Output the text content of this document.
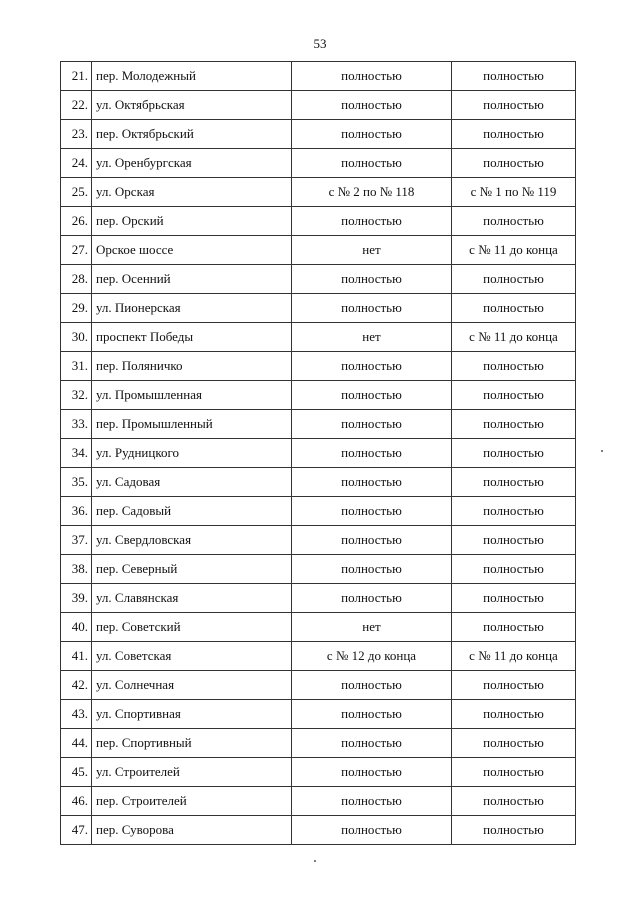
53
21.	пер. Молодежный	полностью	полностью
22.	ул. Октябрьская	полностью	полностью
23.	пер. Октябрьский	полностью	полностью
24.	ул. Оренбургская	полностью	полностью
25.	ул. Орская	с № 2 по № 118	с № 1 по № 119
26.	пер. Орский	полностью	полностью
27.	Орское шоссе	нет	с № 11 до конца
28.	пер. Осенний	полностью	полностью
29.	ул. Пионерская	полностью	полностью
30.	проспект Победы	нет	с № 11 до конца
31.	пер. Поляничко	полностью	полностью
32.	ул. Промышленная	полностью	полностью
33.	пер. Промышленный	полностью	полностью
34.	ул. Рудницкого	полностью	полностью
35.	ул. Садовая	полностью	полностью
36.	пер. Садовый	полностью	полностью
37.	ул. Свердловская	полностью	полностью
38.	пер. Северный	полностью	полностью
39.	ул. Славянская	полностью	полностью
40.	пер. Советский	нет	полностью
41.	ул. Советская	с № 12 до конца	с № 11 до конца
42.	ул. Солнечная	полностью	полностью
43.	ул. Спортивная	полностью	полностью
44.	пер. Спортивный	полностью	полностью
45.	ул. Строителей	полностью	полностью
46.	пер. Строителей	полностью	полностью
47.	пер. Суворова	полностью	полностью
